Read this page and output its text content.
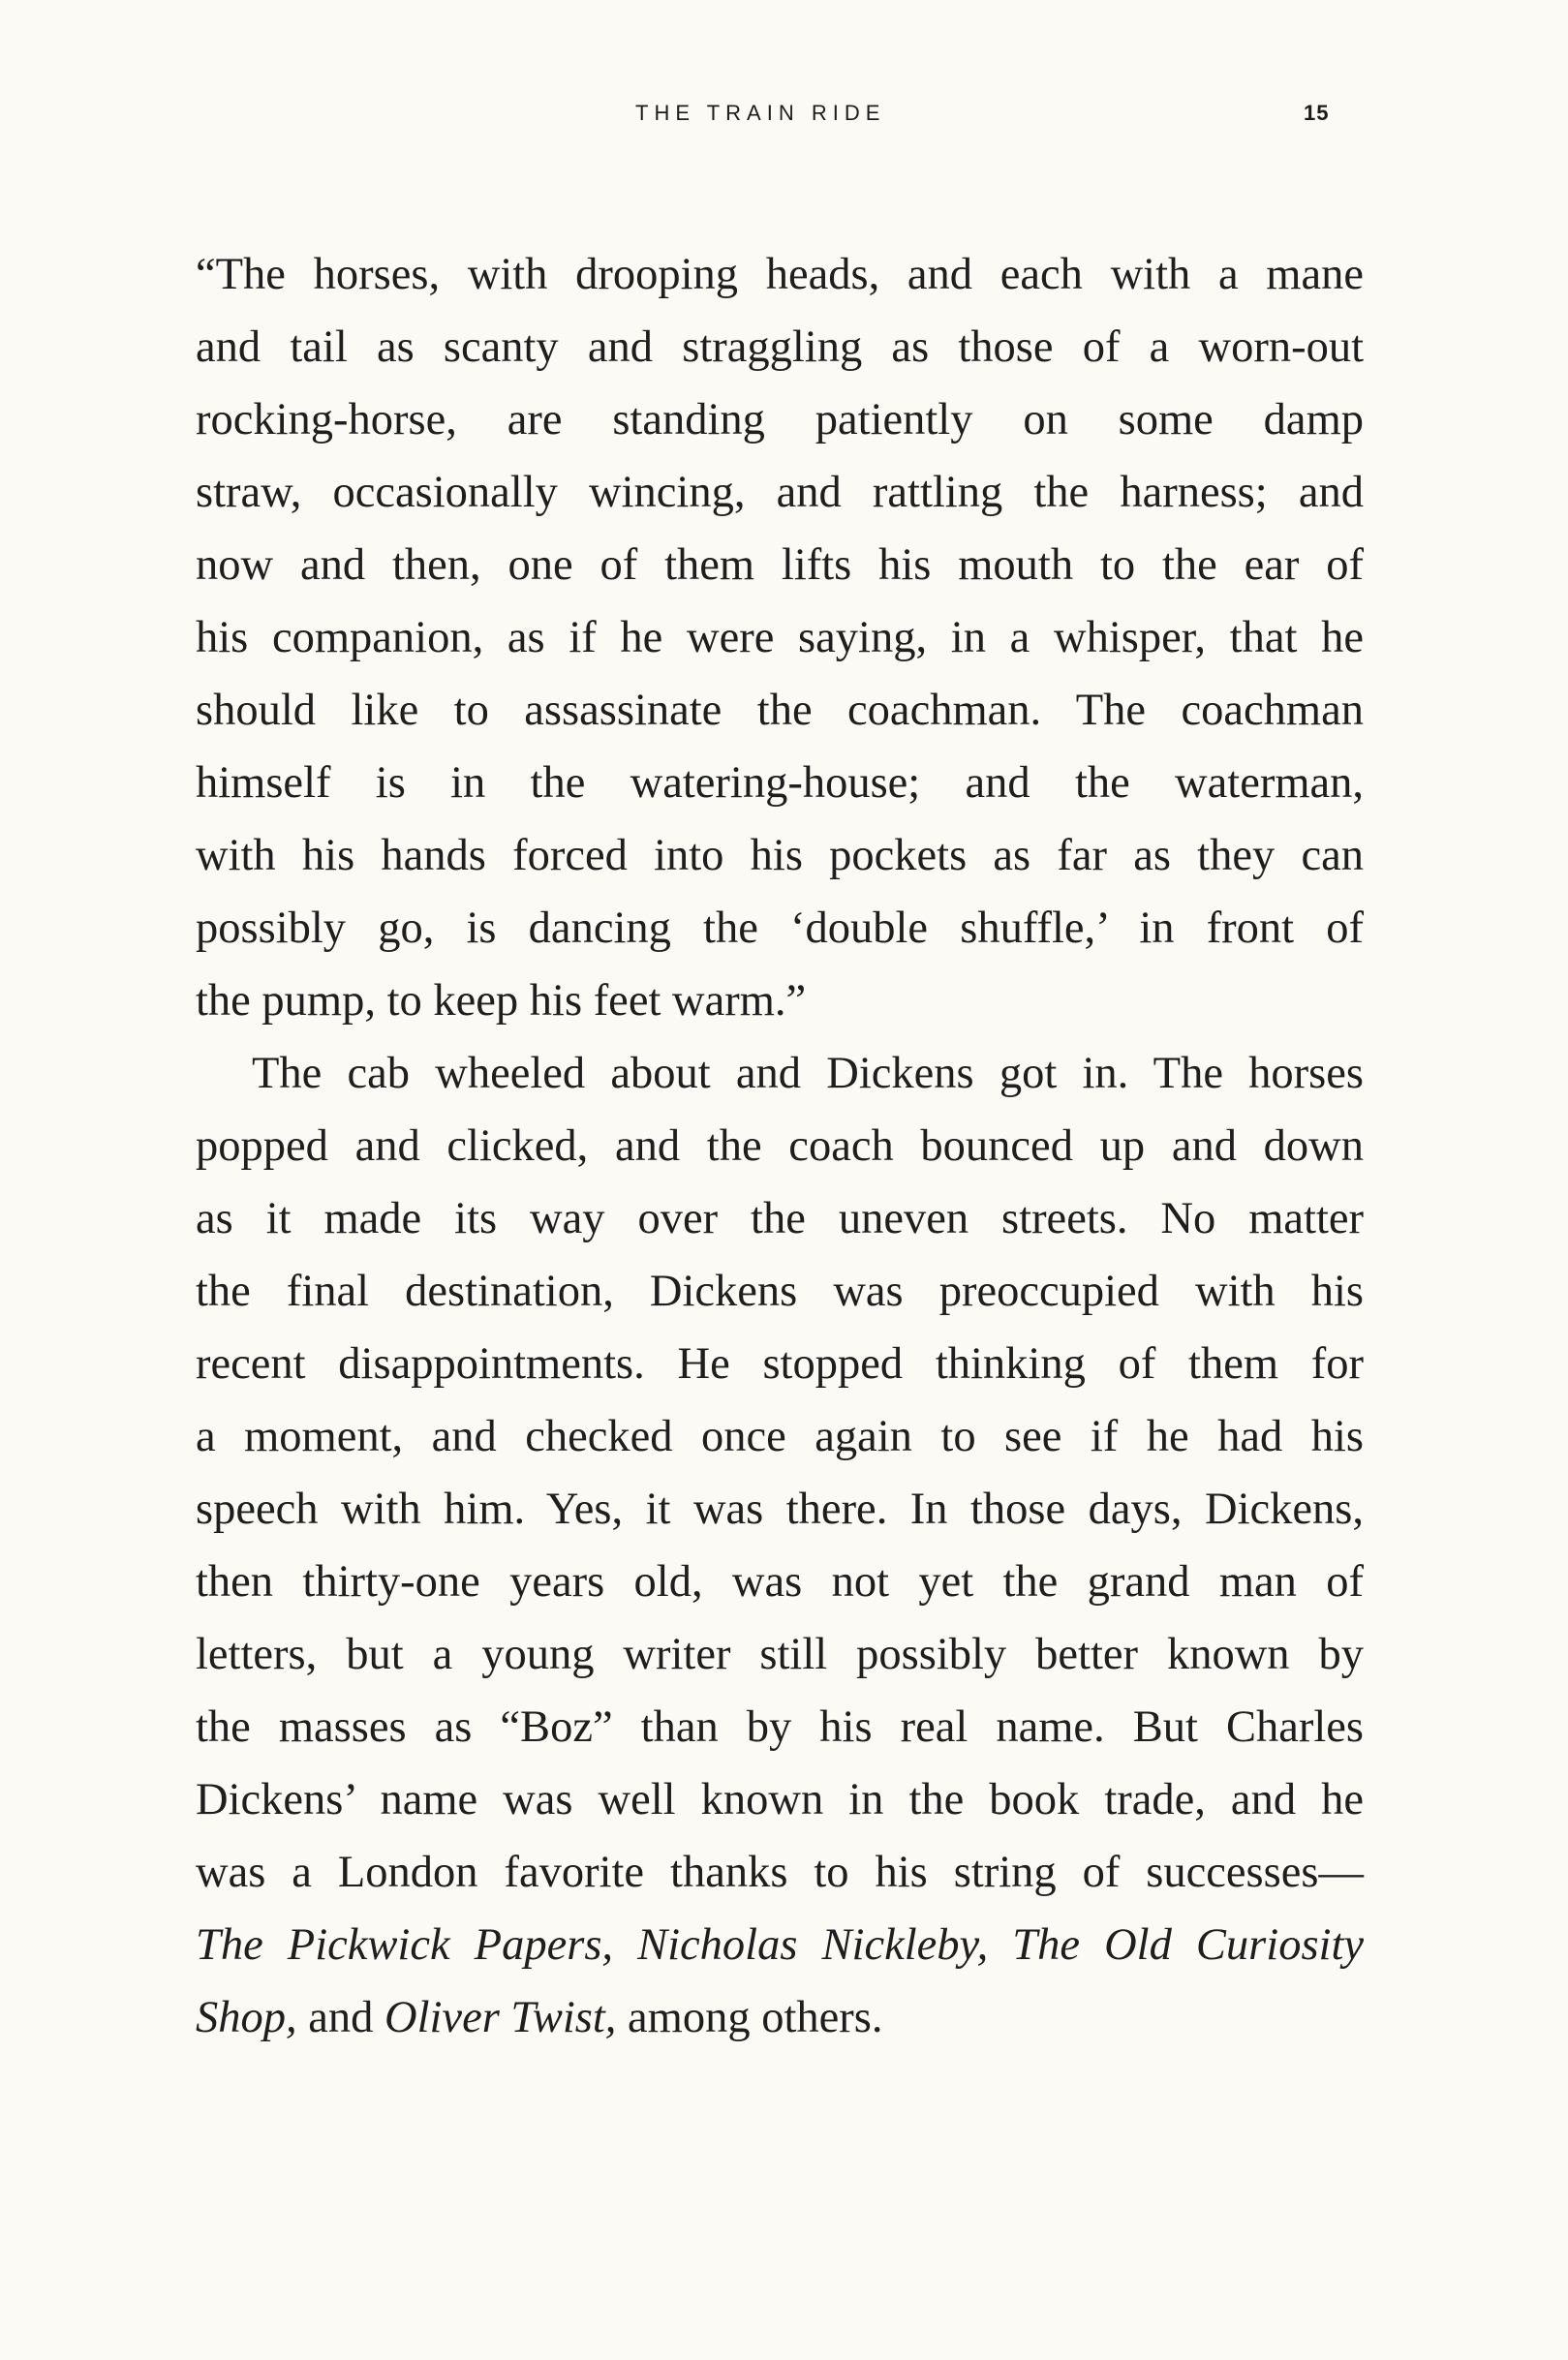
THE TRAIN RIDE	15
“The horses, with drooping heads, and each with a mane
and tail as scanty and straggling as those of a worn-out
rocking-horse, are standing patiently on some damp
straw, occasionally wincing, and rattling the harness; and
now and then, one of them lifts his mouth to the ear of
his companion, as if he were saying, in a whisper, that he
should like to assassinate the coachman. The coachman
himself is in the watering-house; and the waterman,
with his hands forced into his pockets as far as they can
possibly go, is dancing the ‘double shuffle,’ in front of
the pump, to keep his feet warm.”
The cab wheeled about and Dickens got in. The horses
popped and clicked, and the coach bounced up and down
as it made its way over the uneven streets. No matter
the final destination, Dickens was preoccupied with his
recent disappointments. He stopped thinking of them for
a moment, and checked once again to see if he had his
speech with him. Yes, it was there. In those days, Dickens,
then thirty-one years old, was not yet the grand man of
letters, but a young writer still possibly better known by
the masses as “Boz” than by his real name. But Charles
Dickens’ name was well known in the book trade, and he
was a London favorite thanks to his string of successes—
The Pickwick Papers, Nicholas Nickleby, The Old Curiosity
Shop, and Oliver Twist, among others.
